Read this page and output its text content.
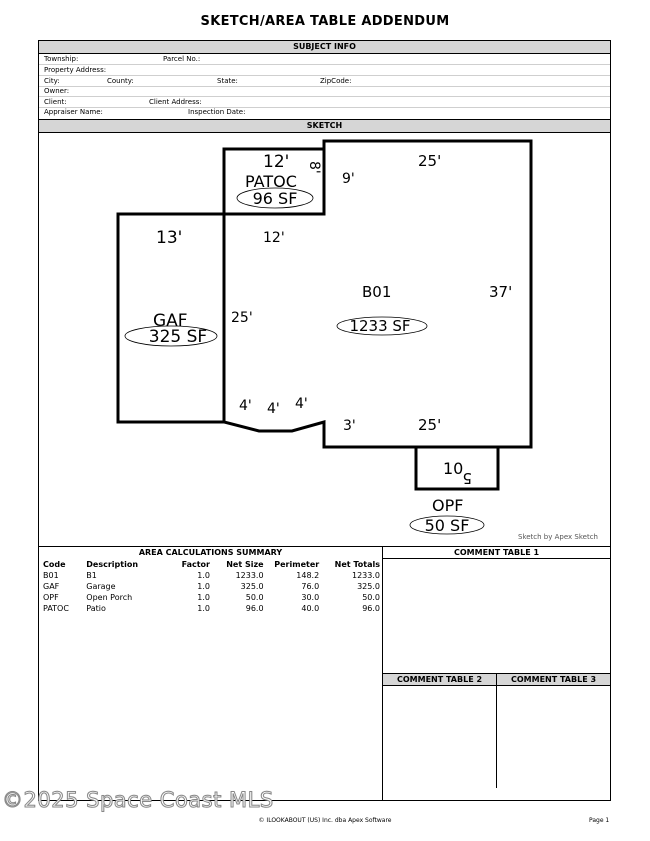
SKETCH/AREA TABLE ADDENDUM
SUBJECT INFO
Township:	Parcel No.:
Property Address:
City:	County:	State:	ZipCode:
Owner:
Client:	Client Address:
Appraiser Name:	Inspection Date:
SKETCH
12' 8'
PATOC
96 SF
9'
25'
13'	12'
B01	37'
25'
GAF
325 SF
1233 SF
4' 4' 4'
3'	25'
10 5
OPF
50 SF
Sketch by Apex Sketch
AREA CALCULATIONS SUMMARY
Code	Description	Factor	Net Size	Perimeter	Net Totals
B01	B1	1.0	1233.0	148.2	1233.0
GAF	Garage	1.0	325.0	76.0	325.0
OPF	Open Porch	1.0	50.0	30.0	50.0
PATOC	Patio	1.0	96.0	40.0	96.0
COMMENT TABLE 1
COMMENT TABLE 2	COMMENT TABLE 3
©2025 Space Coast MLS
© ILOOKABOUT (US) Inc. dba Apex Software	Page 1
